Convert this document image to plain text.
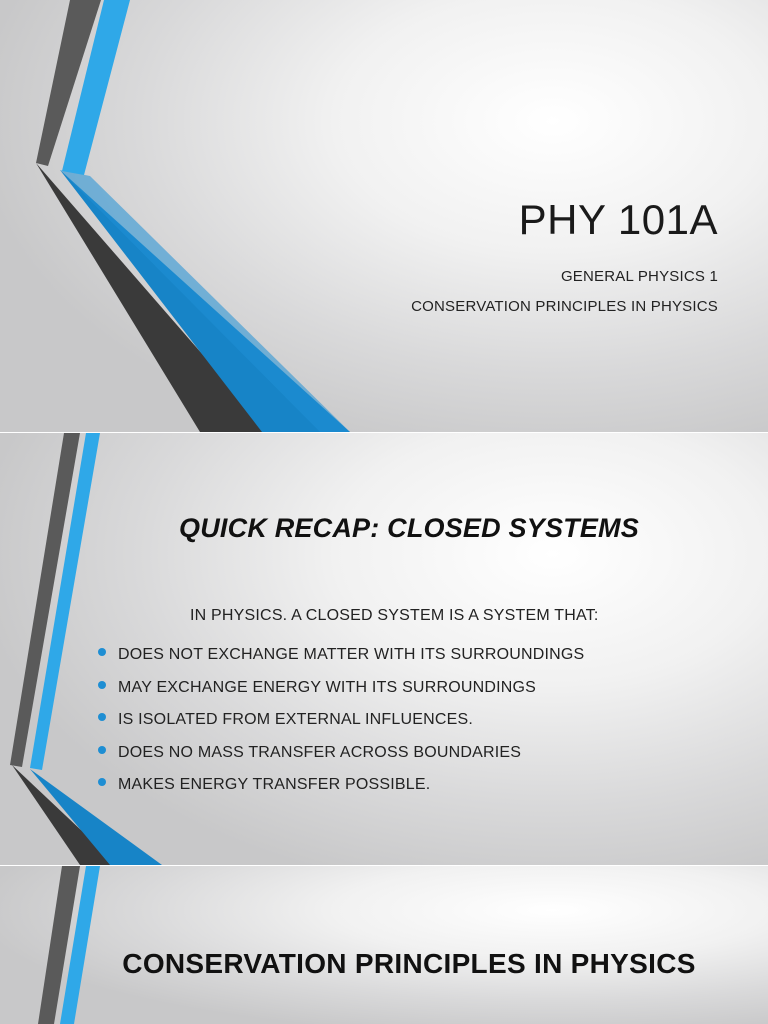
PHY 101A

GENERAL PHYSICS 1

CONSERVATION PRINCIPLES IN PHYSICS

QUICK RECAP: CLOSED SYSTEMS

IN PHYSICS. A CLOSED SYSTEM IS A SYSTEM THAT:

DOES NOT EXCHANGE MATTER WITH ITS SURROUNDINGS
MAY EXCHANGE ENERGY WITH ITS SURROUNDINGS
IS ISOLATED FROM EXTERNAL INFLUENCES.
DOES NO MASS TRANSFER ACROSS BOUNDARIES
MAKES ENERGY TRANSFER POSSIBLE.
CONSERVATION PRINCIPLES IN PHYSICS
